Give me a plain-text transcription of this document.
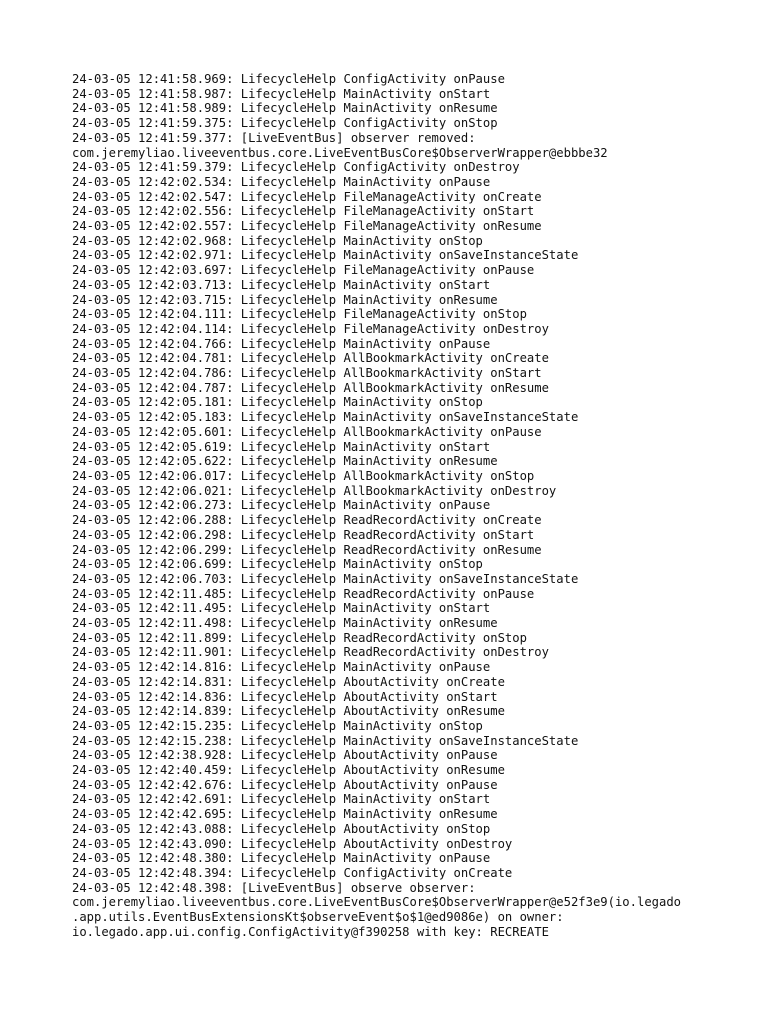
24-03-05 12:41:58.969: LifecycleHelp ConfigActivity onPause
24-03-05 12:41:58.987: LifecycleHelp MainActivity onStart
24-03-05 12:41:58.989: LifecycleHelp MainActivity onResume
24-03-05 12:41:59.375: LifecycleHelp ConfigActivity onStop
24-03-05 12:41:59.377: [LiveEventBus] observer removed:
com.jeremyliao.liveeventbus.core.LiveEventBusCore$ObserverWrapper@ebbbe32
24-03-05 12:41:59.379: LifecycleHelp ConfigActivity onDestroy
24-03-05 12:42:02.534: LifecycleHelp MainActivity onPause
24-03-05 12:42:02.547: LifecycleHelp FileManageActivity onCreate
24-03-05 12:42:02.556: LifecycleHelp FileManageActivity onStart
24-03-05 12:42:02.557: LifecycleHelp FileManageActivity onResume
24-03-05 12:42:02.968: LifecycleHelp MainActivity onStop
24-03-05 12:42:02.971: LifecycleHelp MainActivity onSaveInstanceState
24-03-05 12:42:03.697: LifecycleHelp FileManageActivity onPause
24-03-05 12:42:03.713: LifecycleHelp MainActivity onStart
24-03-05 12:42:03.715: LifecycleHelp MainActivity onResume
24-03-05 12:42:04.111: LifecycleHelp FileManageActivity onStop
24-03-05 12:42:04.114: LifecycleHelp FileManageActivity onDestroy
24-03-05 12:42:04.766: LifecycleHelp MainActivity onPause
24-03-05 12:42:04.781: LifecycleHelp AllBookmarkActivity onCreate
24-03-05 12:42:04.786: LifecycleHelp AllBookmarkActivity onStart
24-03-05 12:42:04.787: LifecycleHelp AllBookmarkActivity onResume
24-03-05 12:42:05.181: LifecycleHelp MainActivity onStop
24-03-05 12:42:05.183: LifecycleHelp MainActivity onSaveInstanceState
24-03-05 12:42:05.601: LifecycleHelp AllBookmarkActivity onPause
24-03-05 12:42:05.619: LifecycleHelp MainActivity onStart
24-03-05 12:42:05.622: LifecycleHelp MainActivity onResume
24-03-05 12:42:06.017: LifecycleHelp AllBookmarkActivity onStop
24-03-05 12:42:06.021: LifecycleHelp AllBookmarkActivity onDestroy
24-03-05 12:42:06.273: LifecycleHelp MainActivity onPause
24-03-05 12:42:06.288: LifecycleHelp ReadRecordActivity onCreate
24-03-05 12:42:06.298: LifecycleHelp ReadRecordActivity onStart
24-03-05 12:42:06.299: LifecycleHelp ReadRecordActivity onResume
24-03-05 12:42:06.699: LifecycleHelp MainActivity onStop
24-03-05 12:42:06.703: LifecycleHelp MainActivity onSaveInstanceState
24-03-05 12:42:11.485: LifecycleHelp ReadRecordActivity onPause
24-03-05 12:42:11.495: LifecycleHelp MainActivity onStart
24-03-05 12:42:11.498: LifecycleHelp MainActivity onResume
24-03-05 12:42:11.899: LifecycleHelp ReadRecordActivity onStop
24-03-05 12:42:11.901: LifecycleHelp ReadRecordActivity onDestroy
24-03-05 12:42:14.816: LifecycleHelp MainActivity onPause
24-03-05 12:42:14.831: LifecycleHelp AboutActivity onCreate
24-03-05 12:42:14.836: LifecycleHelp AboutActivity onStart
24-03-05 12:42:14.839: LifecycleHelp AboutActivity onResume
24-03-05 12:42:15.235: LifecycleHelp MainActivity onStop
24-03-05 12:42:15.238: LifecycleHelp MainActivity onSaveInstanceState
24-03-05 12:42:38.928: LifecycleHelp AboutActivity onPause
24-03-05 12:42:40.459: LifecycleHelp AboutActivity onResume
24-03-05 12:42:42.676: LifecycleHelp AboutActivity onPause
24-03-05 12:42:42.691: LifecycleHelp MainActivity onStart
24-03-05 12:42:42.695: LifecycleHelp MainActivity onResume
24-03-05 12:42:43.088: LifecycleHelp AboutActivity onStop
24-03-05 12:42:43.090: LifecycleHelp AboutActivity onDestroy
24-03-05 12:42:48.380: LifecycleHelp MainActivity onPause
24-03-05 12:42:48.394: LifecycleHelp ConfigActivity onCreate
24-03-05 12:42:48.398: [LiveEventBus] observe observer:
com.jeremyliao.liveeventbus.core.LiveEventBusCore$ObserverWrapper@e52f3e9(io.legado
.app.utils.EventBusExtensionsKt$observeEvent$o$1@ed9086e) on owner:
io.legado.app.ui.config.ConfigActivity@f390258 with key: RECREATE
